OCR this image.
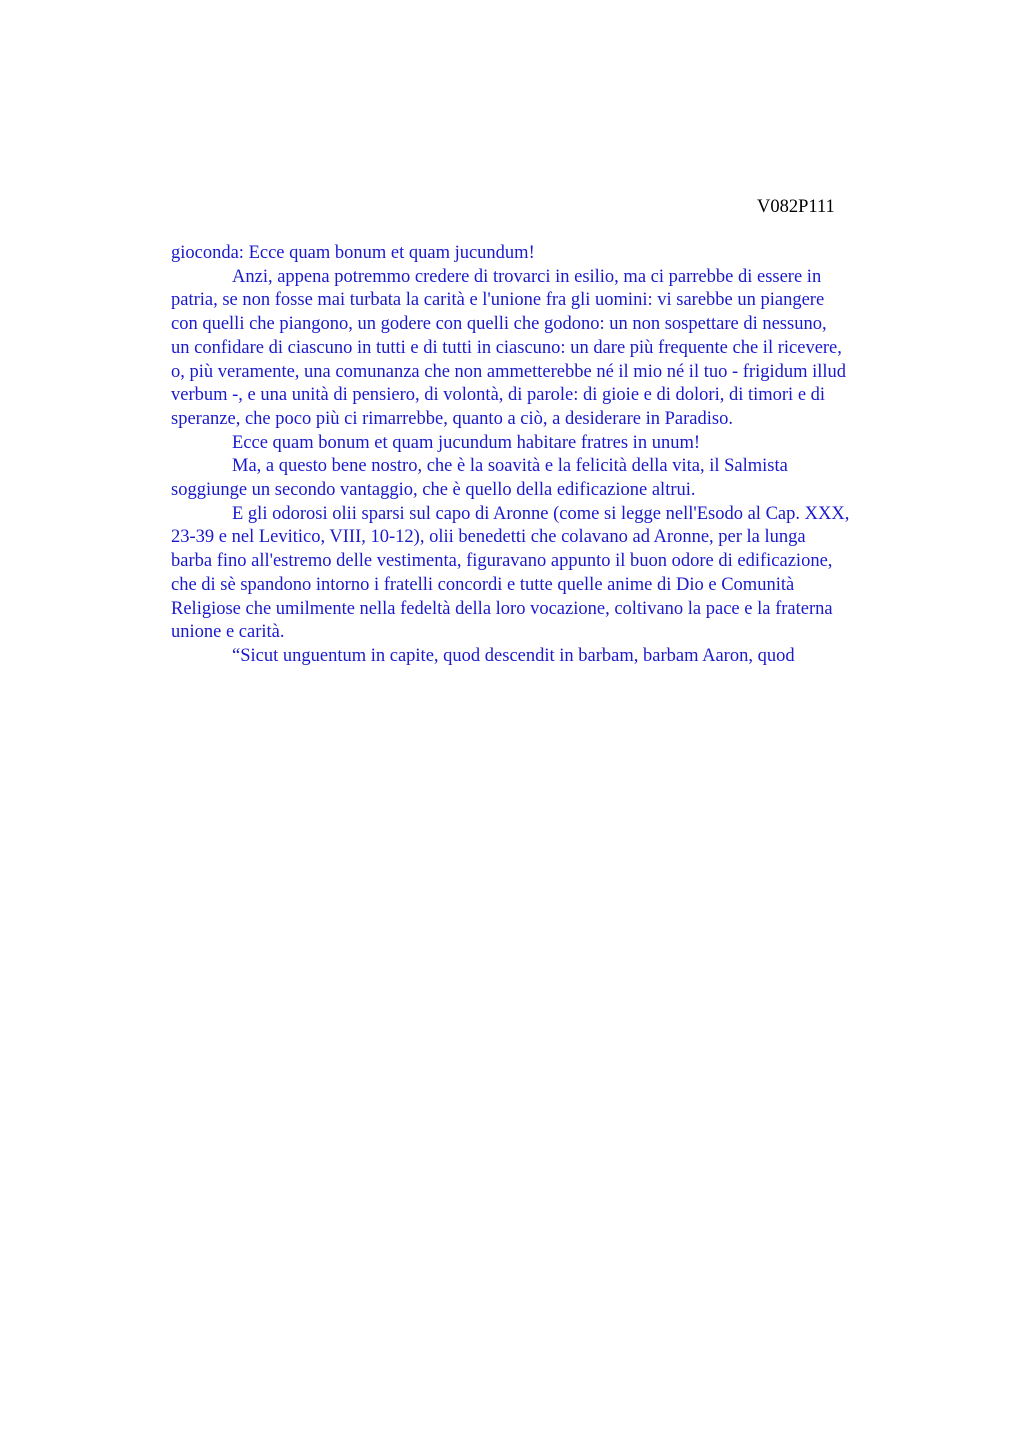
V082P111
gioconda: Ecce quam bonum et quam jucundum!
Anzi, appena potremmo credere di trovarci in esilio, ma ci parrebbe di essere in
patria, se non fosse mai turbata la carità e l'unione fra gli uomini: vi sarebbe un piangere
con quelli che piangono, un godere con quelli che godono: un non sospettare di nessuno,
un confidare di ciascuno in tutti e di tutti in ciascuno: un dare più frequente che il ricevere,
o, più veramente, una comunanza che non ammetterebbe né il mio né il tuo - frigidum illud
verbum -, e una unità di pensiero, di volontà, di parole: di gioie e di dolori, di timori e di
speranze, che poco più ci rimarrebbe, quanto a ciò, a desiderare in Paradiso.
Ecce quam bonum et quam jucundum habitare fratres in unum!
Ma, a questo bene nostro, che è la soavità e la felicità della vita, il Salmista
soggiunge un secondo vantaggio, che è quello della edificazione altrui.
E gli odorosi olii sparsi sul capo di Aronne (come si legge nell'Esodo al Cap. XXX,
23-39 e nel Levitico, VIII, 10-12), olii benedetti che colavano ad Aronne, per la lunga
barba fino all'estremo delle vestimenta, figuravano appunto il buon odore di edificazione,
che di sè spandono intorno i fratelli concordi e tutte quelle anime di Dio e Comunità
Religiose che umilmente nella fedeltà della loro vocazione, coltivano la pace e la fraterna
unione e carità.
“Sicut unguentum in capite, quod descendit in barbam, barbam Aaron, quod
